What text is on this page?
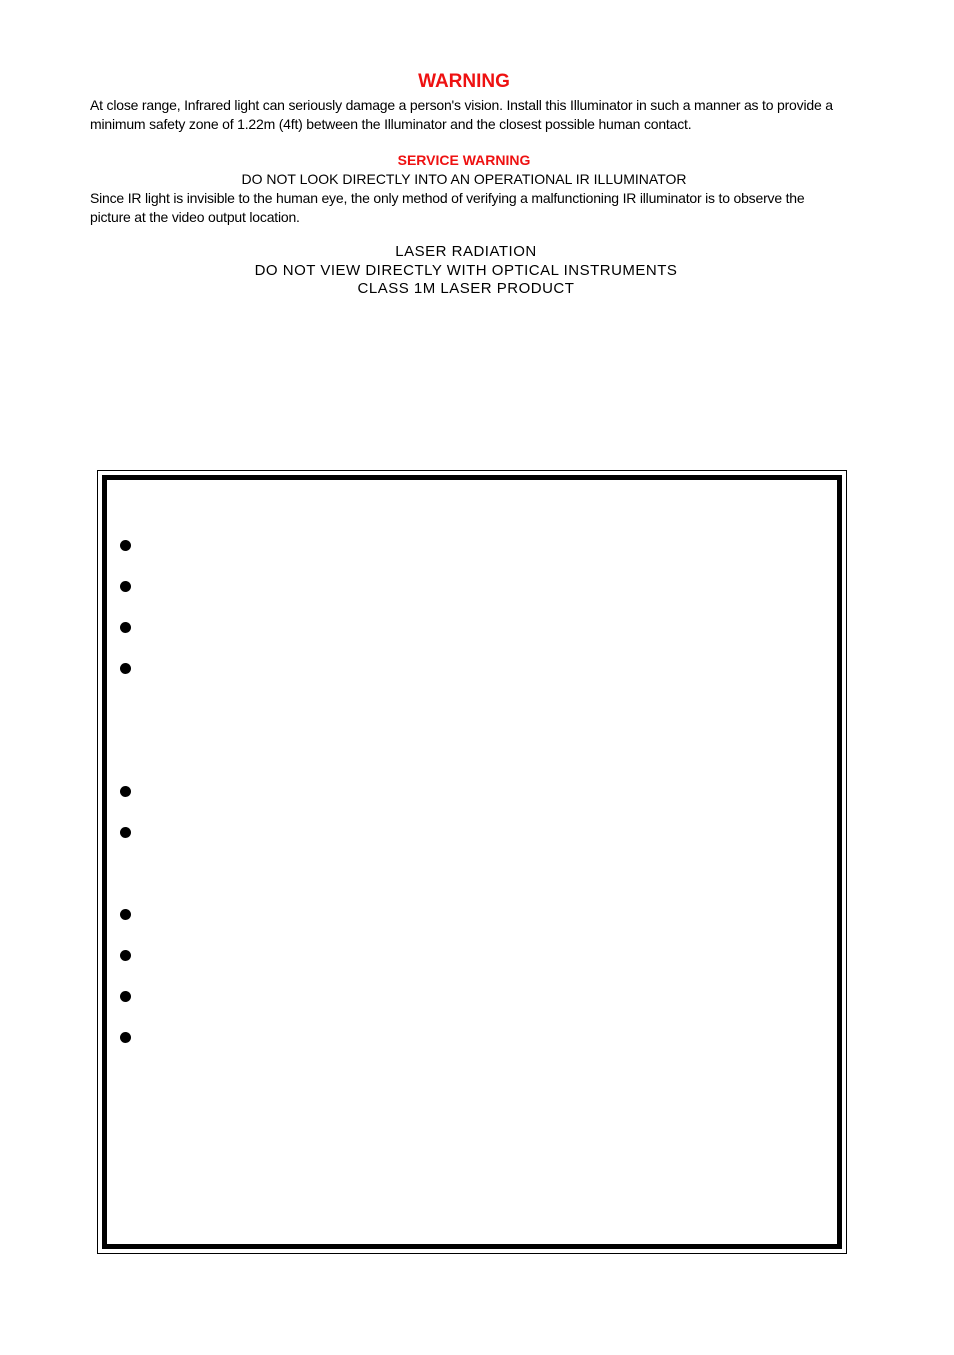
WARNING
At close range, Infrared light can seriously damage a person's vision. Install this Illuminator in such a manner as to provide a minimum safety zone of 1.22m (4ft) between the Illuminator and the closest possible human contact.
SERVICE WARNING
DO NOT LOOK DIRECTLY INTO AN OPERATIONAL IR ILLUMINATOR
Since IR light is invisible to the human eye, the only method of verifying a malfunctioning IR illuminator is to observe the picture at the video output location.
LASER RADIATION
DO NOT VIEW DIRECTLY WITH OPTICAL INSTRUMENTS
CLASS 1M LASER PRODUCT
